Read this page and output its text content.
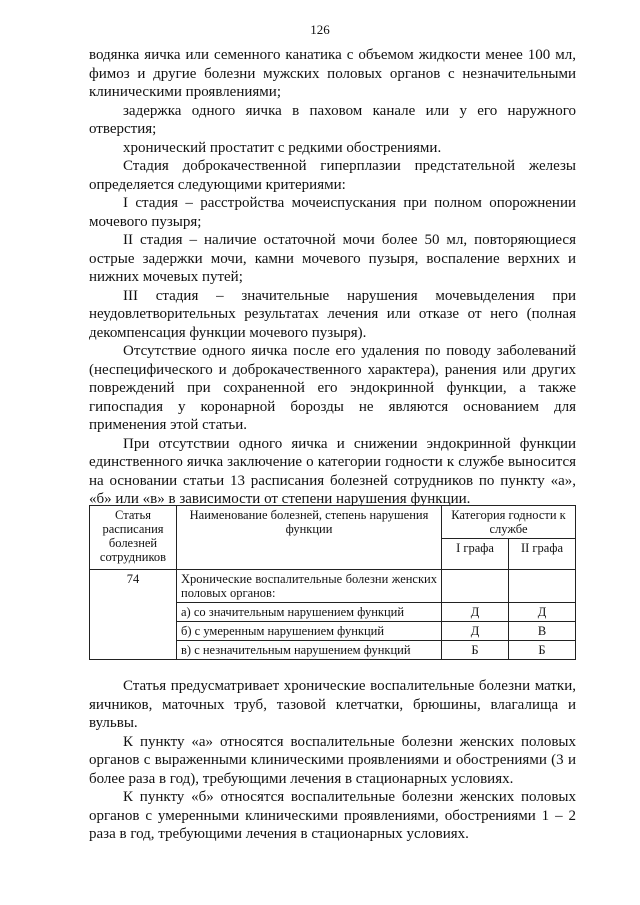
126

водянка яичка или семенного канатика с объемом жидкости менее 100 мл, фимоз и другие болезни мужских половых органов с незначительными клиническими проявлениями;

задержка одного яичка в паховом канале или у его наружного отверстия;

хронический простатит с редкими обострениями.

Стадия доброкачественной гиперплазии предстательной железы определяется следующими критериями:

I стадия – расстройства мочеиспускания при полном опорожнении мочевого пузыря;

II стадия – наличие остаточной мочи более 50 мл, повторяющиеся острые задержки мочи, камни мочевого пузыря, воспаление верхних и нижних мочевых путей;

III стадия – значительные нарушения мочевыделения при неудовлетворительных результатах лечения или отказе от него (полная декомпенсация функции мочевого пузыря).

Отсутствие одного яичка после его удаления по поводу заболеваний (неспецифического и доброкачественного характера), ранения или других повреждений при сохраненной его эндокринной функции, а также гипоспадия у коронарной борозды не являются основанием для применения этой статьи.

При отсутствии одного яичка и снижении эндокринной функции единственного яичка заключение о категории годности к службе выносится на основании статьи 13 расписания болезней сотрудников по пункту «а», «б» или «в» в зависимости от степени нарушения функции.

Статья расписания болезней сотрудников	Наименование болезней, степень нарушения функции	Категория годности к службе	
		I графа	II графа
74	Хронические воспалительные болезни женских половых органов:		
	а) со значительным нарушением функций	Д	Д
	б) с умеренным нарушением функций	Д	В
	в) с незначительным нарушением функций	Б	Б

Статья предусматривает хронические воспалительные болезни матки, яичников, маточных труб, тазовой клетчатки, брюшины, влагалища и вульвы.

К пункту «а» относятся воспалительные болезни женских половых органов с выраженными клиническими проявлениями и обострениями (3 и более раза в год), требующими лечения в стационарных условиях.

К пункту «б» относятся воспалительные болезни женских половых органов с умеренными клиническими проявлениями, обострениями 1 – 2 раза в год, требующими лечения в стационарных условиях.
